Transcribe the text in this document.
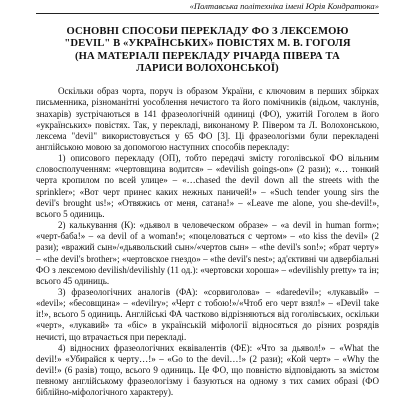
«Полтавська політехніка імені Юрія Кондратюка»
ОСНОВНІ СПОСОБИ ПЕРЕКЛАДУ ФО З ЛЕКСЕМОЮ
"DEVIL" В «УКРАЇНСЬКИХ» ПОВІСТЯХ М. В. ГОГОЛЯ
(НА МАТЕРІАЛІ ПЕРЕКЛАДУ РІЧАРДА ПІВЕРА ТА
ЛАРИСИ ВОЛОХОНСЬКОЇ)

Оскільки образ чорта, поруч із образом України, є ключовим в перших збірках письменника, різноманітні уособлення нечистого та його помічників (відьом, чаклунів, знахарів) зустрічаються в 141 фразеологічній одиниці (ФО), ужитій Гоголем в його «українських» повістях. Так, у перекладі, виконаному Р. Півером та Л. Волохонською, лексема "devil" використовується у 65 ФО [3]. Ці фразеологізми були перекладені англійською мовою за допомогою наступних способів перекладу:

1) описового перекладу (ОП), тобто передачі змісту гоголівської ФО вільним словосполученням: «чертовщина водится» – «devilish goings-on» (2 рази); «… тонкий черта кропилом по всей улице» – «…chased the devil down all the streets with the sprinkler»; «Вот черт принес каких нежных паничей!» – «Such tender young sirs the devil's brought us!»; «Отвяжись от меня, сатана!» – «Leave me alone, you she-devil!», всього 5 одиниць.

2) калькування (К): «дьявол в человеческом образе» – «a devil in human form»; «черт-баба!» – «a devil of a woman!»; «поцеловаться с чертом» – «to kiss the devil» (2 рази); «вражий сын»/«дьявольский сын»/«чертов сын» – «the devil's son!»; «брат черту» – «the devil's brother»; «чертовское гнездо» – «the devil's nest»; ад'єктивні чи адвербіальні ФО з лексемою devilish/devilishly (11 од.): «чертовски хороша» – «devilishly pretty» та ін; всього 45 одиниць.

3) фразеологічних аналогів (ФА): «сорвиголова» – «daredevil»; «лукавый» – «devil»; «бесовщина» – «devilry»; «Черт с тобою!»/«Чтоб его черт взял!» – «Devil take it!», всього 5 одиниць. Англійські ФА частково відрізняються від гоголівських, оскільки «черт», «лукавий» та «біс» в українській міфології відносяться до різних розрядів нечисті, що втрачається при перекладі.

4) відносних фразеологічних еквівалентів (ФЕ): «Что за дьявол!» – «What the devil!» «Убирайся к черту…!» – «Go to the devil…!» (2 рази); «Кой черт» – «Why the devil!» (6 разів) тощо, всього 9 одиниць. Це ФО, що повністю відповідають за змістом певному англійському фразеологізму і базуються на одному з тих самих образі (ФО біблійно-міфологічного характеру).
